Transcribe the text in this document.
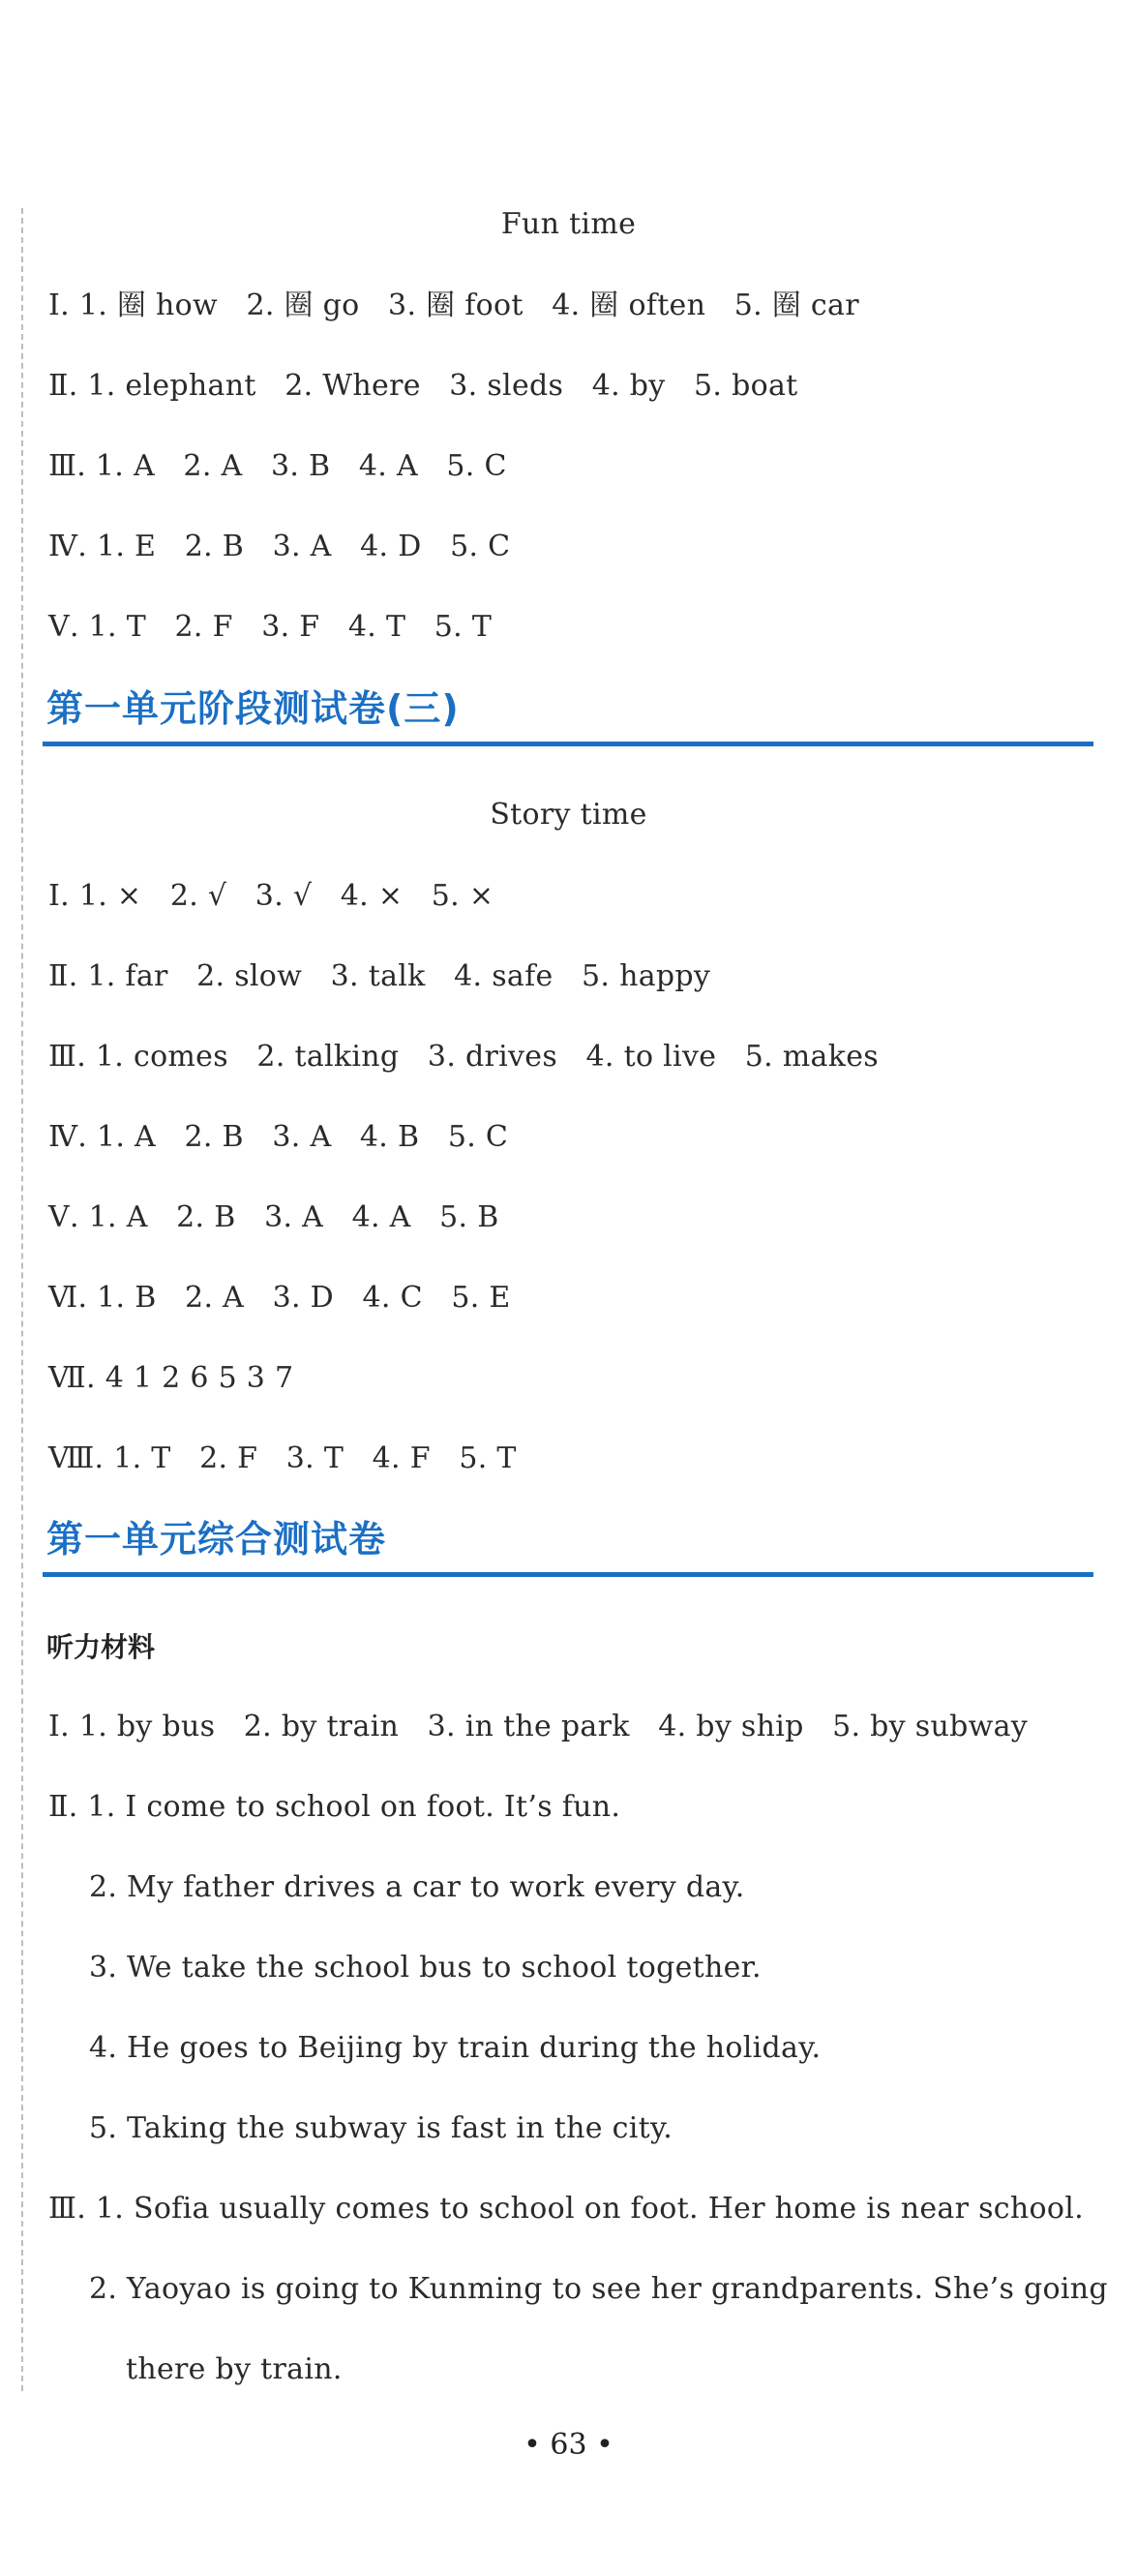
Fun time
Ⅰ. 1. 圈 how   2. 圈 go   3. 圈 foot   4. 圈 often   5. 圈 car
Ⅱ. 1. elephant   2. Where   3. sleds   4. by   5. boat
Ⅲ. 1. A   2. A   3. B   4. A   5. C
Ⅳ. 1. E   2. B   3. A   4. D   5. C
Ⅴ. 1. T   2. F   3. F   4. T   5. T
第一单元阶段测试卷(三)
Story time
Ⅰ. 1. ×   2. √   3. √   4. ×   5. ×
Ⅱ. 1. far   2. slow   3. talk   4. safe   5. happy
Ⅲ. 1. comes   2. talking   3. drives   4. to live   5. makes
Ⅳ. 1. A   2. B   3. A   4. B   5. C
Ⅴ. 1. A   2. B   3. A   4. A   5. B
Ⅵ. 1. B   2. A   3. D   4. C   5. E
Ⅶ. 4 1 2 6 5 3 7
Ⅷ. 1. T   2. F   3. T   4. F   5. T
第一单元综合测试卷
听力材料
Ⅰ. 1. by bus   2. by train   3. in the park   4. by ship   5. by subway
Ⅱ. 1. I come to school on foot. It’s fun.
2. My father drives a car to work every day.
3. We take the school bus to school together.
4. He goes to Beijing by train during the holiday.
5. Taking the subway is fast in the city.
Ⅲ. 1. Sofia usually comes to school on foot. Her home is near school.
2. Yaoyao is going to Kunming to see her grandparents. She’s going
there by train.
• 63 •
